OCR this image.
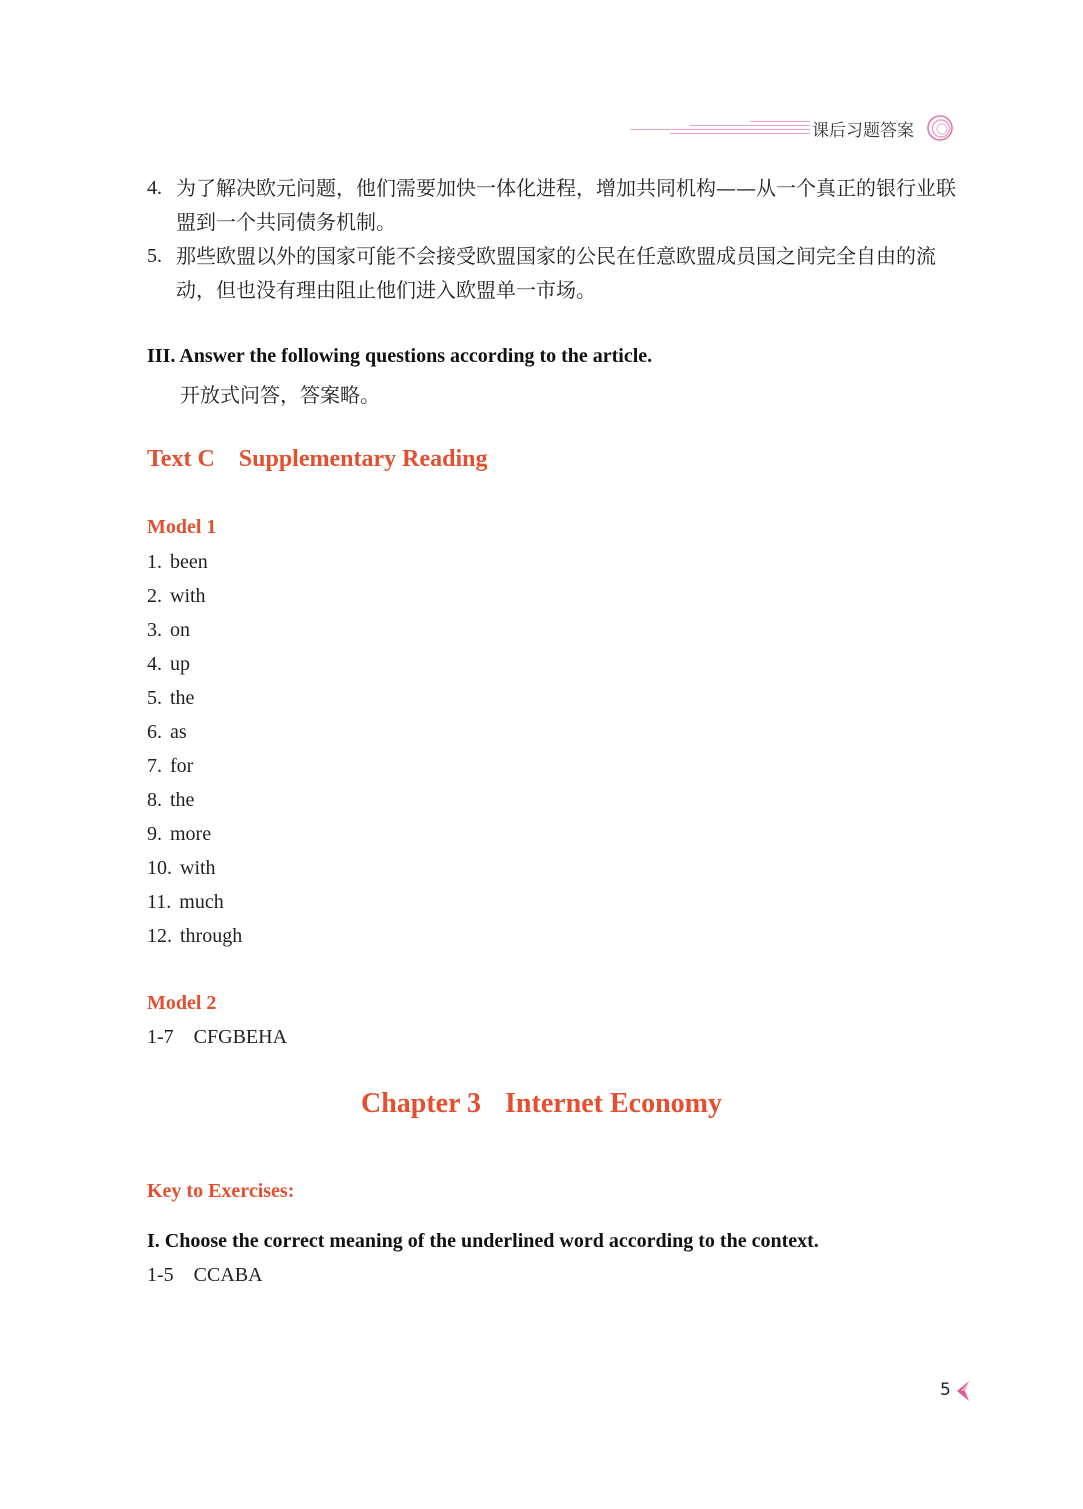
课后习题答案
4. 为了解决欧元问题，他们需要加快一体化进程，增加共同机构——从一个真正的银行业联盟到一个共同债务机制。
5. 那些欧盟以外的国家可能不会接受欧盟国家的公民在任意欧盟成员国之间完全自由的流动，但也没有理由阻止他们进入欧盟单一市场。
III. Answer the following questions according to the article.
开放式问答，答案略。
Text C Supplementary Reading
Model 1
1. been
2. with
3. on
4. up
5. the
6. as
7. for
8. the
9. more
10. with
11. much
12. through
Model 2
1-7 CFGBEHA
Chapter 3 Internet Economy
Key to Exercises:
I. Choose the correct meaning of the underlined word according to the context.
1-5 CCABA
5
